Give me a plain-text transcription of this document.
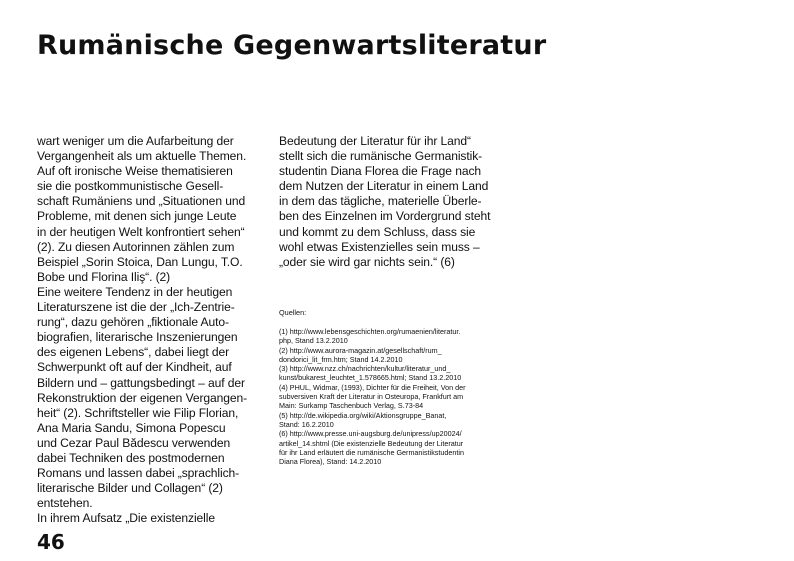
Rumänische Gegenwartsliteratur

wart weniger um die Aufarbeitung der

Vergangenheit als um aktuelle Themen.

Auf oft ironische Weise thematisieren

sie die postkommunistische Gesell-

schaft Rumäniens und „Situationen und

Probleme, mit denen sich junge Leute

in der heutigen Welt konfrontiert sehen“

(2). Zu diesen Autorinnen zählen zum

Beispiel „Sorin Stoica, Dan Lungu, T.O.

Bobe und Florina Iliş“. (2)

Eine weitere Tendenz in der heutigen

Literaturszene ist die der „Ich-Zentrie-

rung“, dazu gehören „fiktionale Auto-

biografien, literarische Inszenierungen

des eigenen Lebens“, dabei liegt der

Schwerpunkt oft auf der Kindheit, auf

Bildern und – gattungsbedingt – auf der

Rekonstruktion der eigenen Vergangen-

heit“ (2). Schriftsteller wie Filip Florian,

Ana Maria Sandu, Simona Popescu

und Cezar Paul Bădescu verwenden

dabei Techniken des postmodernen

Romans und lassen dabei „sprachlich-

literarische Bilder und Collagen“ (2)

entstehen.

In ihrem Aufsatz „Die existenzielle

Bedeutung der Literatur für ihr Land“

stellt sich die rumänische Germanistik-

studentin Diana Florea die Frage nach

dem Nutzen der Literatur in einem Land

in dem das tägliche, materielle Überle-

ben des Einzelnen im Vordergrund steht

und kommt zu dem Schluss, dass sie

wohl etwas Existenzielles sein muss –

„oder sie wird gar nichts sein.“ (6)

Quellen:

(1) http://www.lebensgeschichten.org/rumaenien/literatur.

php, Stand 13.2.2010

(2) http://www.aurora-magazin.at/gesellschaft/rum_

dondorici_lit_frm.htm; Stand 14.2.2010

(3) http://www.nzz.ch/nachrichten/kultur/literatur_und_

kunst/bukarest_leuchtet_1.578665.html; Stand 13.2.2010

(4) PHUL, Widmar, (1993), Dichter für die Freiheit, Von der

subversiven Kraft der Literatur in Osteuropa, Frankfurt am

Main: Surkamp Taschenbuch Verlag, S.73-84

(5) http://de.wikipedia.org/wiki/Aktionsgruppe_Banat,

Stand: 16.2.2010

(6) http://www.presse.uni-augsburg.de/unipress/up20024/

artikel_14.shtml (Die existenzielle Bedeutung der Literatur

für ihr Land erläutert die rumänische Germanistikstudentin

Diana Florea), Stand: 14.2.2010

46
